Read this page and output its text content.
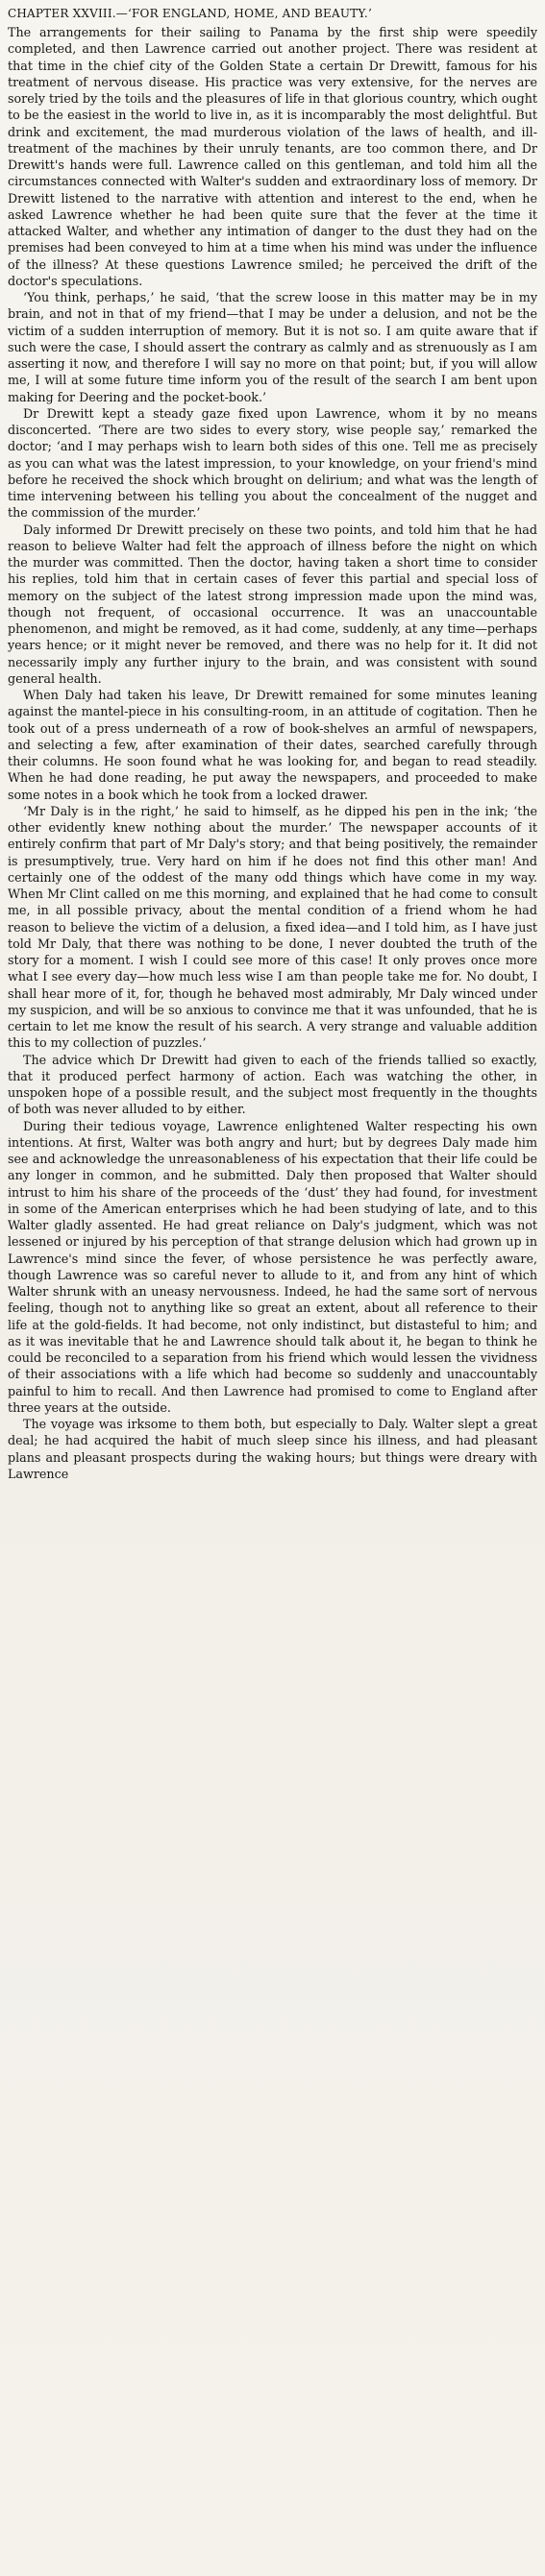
CHAPTER XXVIII.—‘FOR ENGLAND, HOME, AND BEAUTY.’

The arrangements for their sailing to Panama by the first ship were speedily completed, and then Lawrence carried out another project. There was resident at that time in the chief city of the Golden State a certain Dr Drewitt, famous for his treatment of nervous disease. His practice was very extensive, for the nerves are sorely tried by the toils and the pleasures of life in that glorious country, which ought to be the easiest in the world to live in, as it is incomparably the most delightful. But drink and excitement, the mad murderous violation of the laws of health, and ill-treatment of the machines by their unruly tenants, are too common there, and Dr Drewitt's hands were full. Lawrence called on this gentleman, and told him all the circumstances connected with Walter's sudden and extraordinary loss of memory. Dr Drewitt listened to the narrative with attention and interest to the end, when he asked Lawrence whether he had been quite sure that the fever at the time it attacked Walter, and whether any intimation of danger to the dust they had on the premises had been conveyed to him at a time when his mind was under the influence of the illness? At these questions Lawrence smiled; he perceived the drift of the doctor's speculations.

‘You think, perhaps,’ he said, ‘that the screw loose in this matter may be in my brain, and not in that of my friend—that I may be under a delusion, and not be the victim of a sudden interruption of memory. But it is not so. I am quite aware that if such were the case, I should assert the contrary as calmly and as strenuously as I am asserting it now, and therefore I will say no more on that point; but, if you will allow me, I will at some future time inform you of the result of the search I am bent upon making for Deering and the pocket-book.’

Dr Drewitt kept a steady gaze fixed upon Lawrence, whom it by no means disconcerted. ‘There are two sides to every story, wise people say,’ remarked the doctor; ‘and I may perhaps wish to learn both sides of this one. Tell me as precisely as you can what was the latest impression, to your knowledge, on your friend's mind before he received the shock which brought on delirium; and what was the length of time intervening between his telling you about the concealment of the nugget and the commission of the murder.’

Daly informed Dr Drewitt precisely on these two points, and told him that he had reason to believe Walter had felt the approach of illness before the night on which the murder was committed. Then the doctor, having taken a short time to consider his replies, told him that in certain cases of fever this partial and special loss of memory on the subject of the latest strong impression made upon the mind was, though not frequent, of occasional occurrence. It was an unaccountable phenomenon, and might be removed, as it had come, suddenly, at any time—perhaps years hence; or it might never be removed, and there was no help for it. It did not necessarily imply any further injury to the brain, and was consistent with sound general health.

When Daly had taken his leave, Dr Drewitt remained for some minutes leaning against the mantel-piece in his consulting-room, in an attitude of cogitation. Then he took out of a press underneath of a row of book-shelves an armful of newspapers, and selecting a few, after examination of their dates, searched carefully through their columns. He soon found what he was looking for, and began to read steadily. When he had done reading, he put away the newspapers, and proceeded to make some notes in a book which he took from a locked drawer.

‘Mr Daly is in the right,’ he said to himself, as he dipped his pen in the ink; ‘the other evidently knew nothing about the murder.’ The newspaper accounts of it entirely confirm that part of Mr Daly's story; and that being positively, the remainder is presumptively, true. Very hard on him if he does not find this other man! And certainly one of the oddest of the many odd things which have come in my way. When Mr Clint called on me this morning, and explained that he had come to consult me, in all possible privacy, about the mental condition of a friend whom he had reason to believe the victim of a delusion, a fixed idea—and I told him, as I have just told Mr Daly, that there was nothing to be done, I never doubted the truth of the story for a moment. I wish I could see more of this case! It only proves once more what I see every day—how much less wise I am than people take me for. No doubt, I shall hear more of it, for, though he behaved most admirably, Mr Daly winced under my suspicion, and will be so anxious to convince me that it was unfounded, that he is certain to let me know the result of his search. A very strange and valuable addition this to my collection of puzzles.’

The advice which Dr Drewitt had given to each of the friends tallied so exactly, that it produced perfect harmony of action. Each was watching the other, in unspoken hope of a possible result, and the subject most frequently in the thoughts of both was never alluded to by either.

During their tedious voyage, Lawrence enlightened Walter respecting his own intentions. At first, Walter was both angry and hurt; but by degrees Daly made him see and acknowledge the unreasonableness of his expectation that their life could be any longer in common, and he submitted. Daly then proposed that Walter should intrust to him his share of the proceeds of the ‘dust’ they had found, for investment in some of the American enterprises which he had been studying of late, and to this Walter gladly assented. He had great reliance on Daly's judgment, which was not lessened or injured by his perception of that strange delusion which had grown up in Lawrence's mind since the fever, of whose persistence he was perfectly aware, though Lawrence was so careful never to allude to it, and from any hint of which Walter shrunk with an uneasy nervousness. Indeed, he had the same sort of nervous feeling, though not to anything like so great an extent, about all reference to their life at the gold-fields. It had become, not only indistinct, but distasteful to him; and as it was inevitable that he and Lawrence should talk about it, he began to think he could be reconciled to a separation from his friend which would lessen the vividness of their associations with a life which had become so suddenly and unaccountably painful to him to recall. And then Lawrence had promised to come to England after three years at the outside.

The voyage was irksome to them both, but especially to Daly. Walter slept a great deal; he had acquired the habit of much sleep since his illness, and had pleasant plans and pleasant prospects during the waking hours; but things were dreary with Lawrence
